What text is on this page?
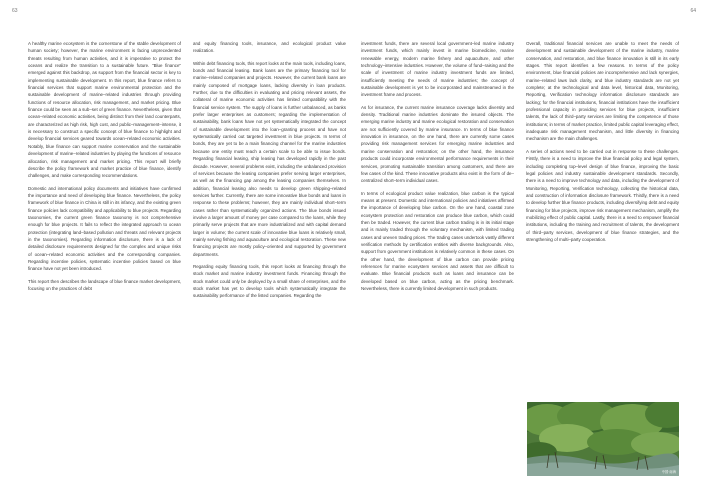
63	64

A healthy marine ecosystem is the cornerstone of the stable development of human society; however, the marine environment is facing unprecedented threats resulting from human activities, and it is imperative to protect the oceans and realize the transition to a sustainable future. "Blue finance" emerged against this backdrop, as support from the financial sector is key to implementing sustainable development. In this report, blue finance refers to financial services that support marine environmental protection and the sustainable development of marine–related industries through providing functions of resource allocation, risk management, and market pricing. Blue finance could be seen as a sub–set of green finance. Nevertheless, given that ocean–related economic activities, being distinct from their land counterparts, are characterized as high risk, high cost, and public–management–intense, it is necessary to construct a specific concept of blue finance to highlight and develop financial services geared towards ocean–related economic activities. Notably, blue finance can support marine conservation and the sustainable development of marine–related industries by playing the functions of resource allocation, risk management and market pricing. This report will briefly describe the policy framework and market practice of blue finance, identify challenges, and make corresponding recommendations.

Domestic and international policy documents and initiatives have confirmed the importance and need of developing blue finance. Nevertheless, the policy framework of blue finance in China is still in its infancy, and the existing green finance policies lack compatibility and applicability to blue projects. Regarding taxonomies, the current green finance taxonomy is not comprehensive enough for blue projects. It fails to reflect the integrated approach to ocean protection (integrating land–based pollution and threats and relevant projects in the taxonomies). Regarding information disclosure, there is a lack of detailed disclosure requirements designed for the complex and unique risks of ocean–related economic activities and the corresponding companies. Regarding incentive policies, systematic incentive policies based on blue finance have not yet been introduced.

This report then describes the landscape of blue finance market development, focusing on the practices of debt

and equity financing tools, insurance, and ecological product value realization.

Within debt financing tools, this report looks at the main tools, including loans, bonds and financial leasing. Bank loans are the primary financing tool for marine–related companies and projects. However, the current bank loans are mainly composed of mortgage loans, lacking diversity in loan products. Further, due to the difficulties in evaluating and pricing relevant assets, the collateral of marine economic activities has limited compatibility with the financial service system. The supply of loans is further unbalanced, as banks prefer larger enterprises as customers; regarding the implementation of sustainability, bank loans have not yet systematically integrated the concept of sustainable development into the loan–granting process and have not systematically carried out targeted investment in blue projects. In terms of bonds, they are yet to be a main financing channel for the marine industries because one entity must reach a certain scale to be able to issue bonds. Regarding financial leasing, ship leasing has developed rapidly in the past decade. However, several problems exist, including the unbalanced provision of services because the leasing companies prefer serving larger enterprises, as well as the financing gap among the leasing companies themselves. In addition, financial leasing also needs to develop green shipping–related services further. Currently, there are some innovative blue bonds and loans in response to these problems; however, they are mainly individual short–term cases rather than systematically organized actions. The blue bonds issued involve a larger amount of money per case compared to the loans, while they primarily serve projects that are more industrialized and with capital demand larger in volume; the current scale of innovative blue loans is relatively small, mainly serving fishing and aquaculture and ecological restoration. These new financing projects are mostly policy–oriented and supported by government departments.

Regarding equity financing tools, this report looks at financing through the stock market and marine industry investment funds. Financing through the stock market could only be deployed by a small share of enterprises, and the stock market has yet to develop tools which systematically integrate the sustainability performance of the listed companies. Regarding the

investment funds, there are several local government–led marine industry investment funds, which mainly invest in marine biomedicine, marine renewable energy, modern marine fishery and aquaculture, and other technology–intensive industries. However, the volume of fund–raising and the scale of investment of marine industry investment funds are limited, insufficiently meeting the needs of marine industries; the concept of sustainable development is yet to be incorporated and mainstreamed in the investment frame and process.

As for insurance, the current marine insurance coverage lacks diversity and density. Traditional marine industries dominate the insured objects. The emerging marine industry and marine ecological restoration and conservation are not sufficiently covered by marine insurance. In terms of blue finance innovation in insurance, on the one hand, there are currently some cases providing risk management services for emerging marine industries and marine conservation and restoration; on the other hand, the insurance products could incorporate environmental performance requirements in their services, promoting sustainable transition among customers, and there are few cases of the kind. These innovative products also exist in the form of de–centralized short–term individual cases.

In terms of ecological product value realization, blue carbon is the typical means at present. Domestic and international policies and initiatives affirmed the importance of developing blue carbon. On the one hand, coastal zone ecosystem protection and restoration can produce blue carbon, which could then be traded. However, the current blue carbon trading is in its initial stage and is mainly traded through the voluntary mechanism, with limited trading cases and uneven trading prices. The trading cases undertook vastly different verification methods by certification entities with diverse backgrounds. Also, support from government institutions is relatively common in these cases. On the other hand, the development of blue carbon can provide pricing references for marine ecosystem services and assets that are difficult to evaluate. Blue financial products such as loans and insurance can be developed based on blue carbon, acting as the pricing benchmark. Nevertheless, there is currently limited development in such products.

Overall, traditional financial services are unable to meet the needs of development and sustainable development of the marine industry, marine conservation, and restoration, and blue finance innovation is still in its early stages. This report identifies a few reasons. In terms of the policy environment, blue financial policies are incomprehensive and lack synergies, marine–related laws lack clarity, and blue industry standards are not yet complete; at the technological and data level, historical data, Monitoring, Reporting, Verification technology information disclosure standards are lacking; for the financial institutions, financial institutions have the insufficient professional capacity in providing services for blue projects, insufficient talents, the lack of third–party services are limiting the competence of those institutions; in terms of market practice, limited public capital leveraging effect, inadequate risk management mechanism, and little diversity in financing mechanism are the main challenges.

A series of actions need to be carried out in response to these challenges. Firstly, there is a need to improve the blue financial policy and legal system, including completing top–level design of blue finance, improving the basic legal policies and industry sustainable development standards. Secondly, there is a need to improve technology and data, including the development of Monitoring, Reporting, Verification technology, collecting the historical data, and construction of information disclosure framework. Thirdly, there is a need to develop further blue finance products, including diversifying debt and equity financing for blue projects, improve risk management mechanism, amplify the mobilizing effect of public capital. Lastly, there is a need to empower financial institutions, including the training and recruitment of talents, the development of third–party services, development of blue finance strategies, and the strengthening of multi–party cooperation.

中国·南海
